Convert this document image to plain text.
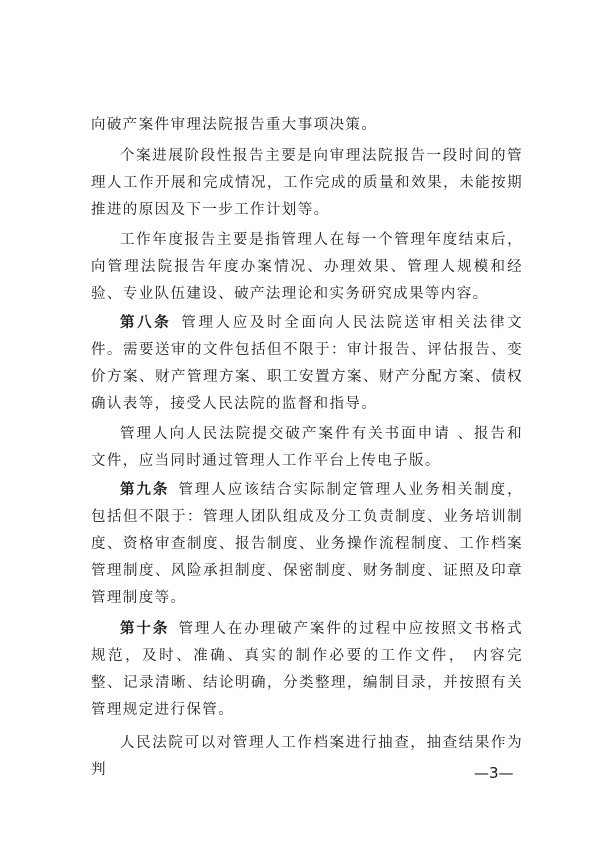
向破产案件审理法院报告重大事项决策。

个案进展阶段性报告主要是向审理法院报告一段时间的管理人工作开展和完成情况，工作完成的质量和效果，未能按期推进的原因及下一步工作计划等。

工作年度报告主要是指管理人在每一个管理年度结束后， 向管理法院报告年度办案情况、办理效果、管理人规模和经验、专业队伍建设、破产法理论和实务研究成果等内容。

第八条  管理人应及时全面向人民法院送审相关法律文件。需要送审的文件包括但不限于：审计报告、评估报告、变价方案、财产管理方案、职工安置方案、财产分配方案、债权确认表等，接受人民法院的监督和指导。

管理人向人民法院提交破产案件有关书面申请 、报告和文件，应当同时通过管理人工作平台上传电子版。

第九条  管理人应该结合实际制定管理人业务相关制度，包括但不限于：管理人团队组成及分工负责制度、业务培训制度、资格审查制度、报告制度、业务操作流程制度、工作档案管理制度、风险承担制度、保密制度、财务制度、证照及印章管理制度等。

第十条  管理人在办理破产案件的过程中应按照文书格式规范，及时、准确、真实的制作必要的工作文件， 内容完整、记录清晰、结论明确，分类整理，编制目录，并按照有关管理规定进行保管。

人民法院可以对管理人工作档案进行抽查，抽查结果作为判	—3—
